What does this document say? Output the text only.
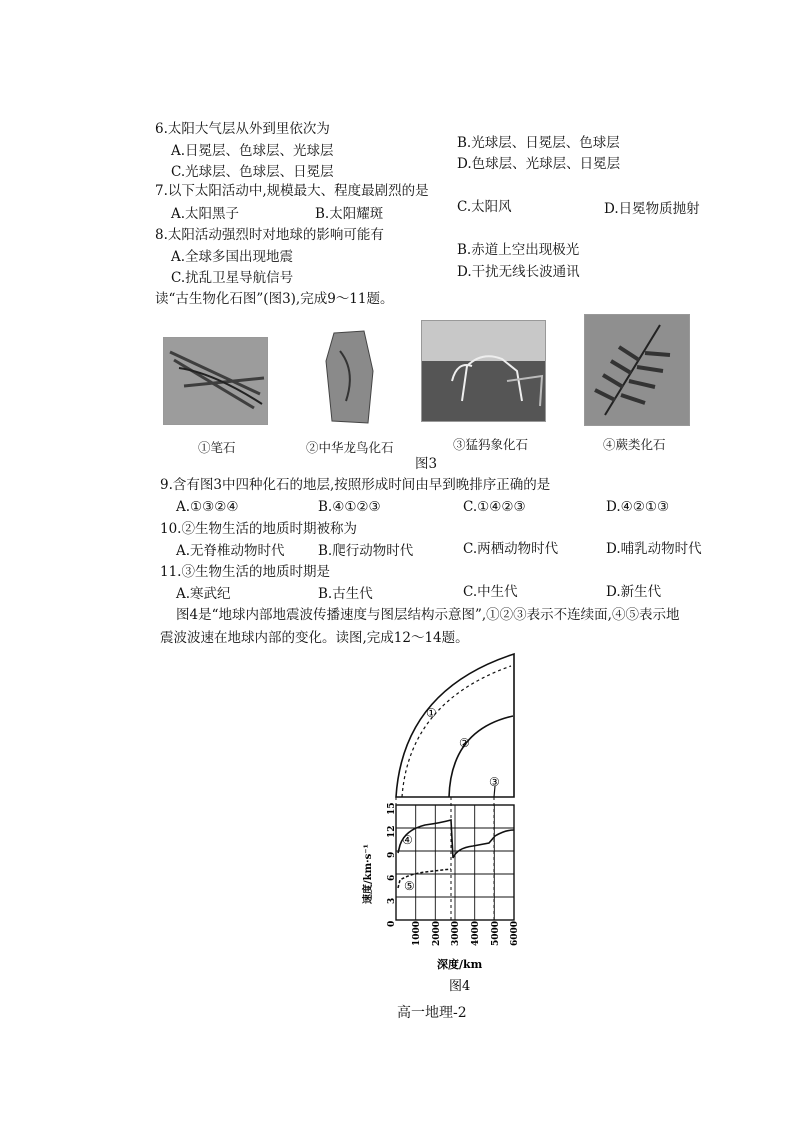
6.太阳大气层从外到里依次为
A.日冕层、色球层、光球层	B.光球层、日冕层、色球层
C.光球层、色球层、日冕层	D.色球层、光球层、日冕层
7.以下太阳活动中,规模最大、程度最剧烈的是
A.太阳黑子	B.太阳耀斑	C.太阳风	D.日冕物质抛射
8.太阳活动强烈时对地球的影响可能有
A.全球多国出现地震	B.赤道上空出现极光
C.扰乱卫星导航信号	D.干扰无线长波通讯
读“古生物化石图”(图3),完成9～11题。
①笔石	②中华龙鸟化石	③猛犸象化石	④蕨类化石
图3
9.含有图3中四种化石的地层,按照形成时间由早到晚排序正确的是
A.①③②④	B.④①②③	C.①④②③	D.④②①③
10.②生物生活的地质时期被称为
A.无脊椎动物时代 B.爬行动物时代	C.两栖动物时代	D.哺乳动物时代
11.③生物生活的地质时期是
A.寒武纪	B.古生代	C.中生代	D.新生代
图4是“地球内部地震波传播速度与图层结构示意图”,①②③表示不连续面,④⑤表示地
震波波速在地球内部的变化。读图,完成12～14题。
①
②
③
④
⑤
0
3
6
9
12
15
速度/km·s⁻¹
1000 2000 3000 4000 5000 6000
深度/km
图4
高一地理-2
